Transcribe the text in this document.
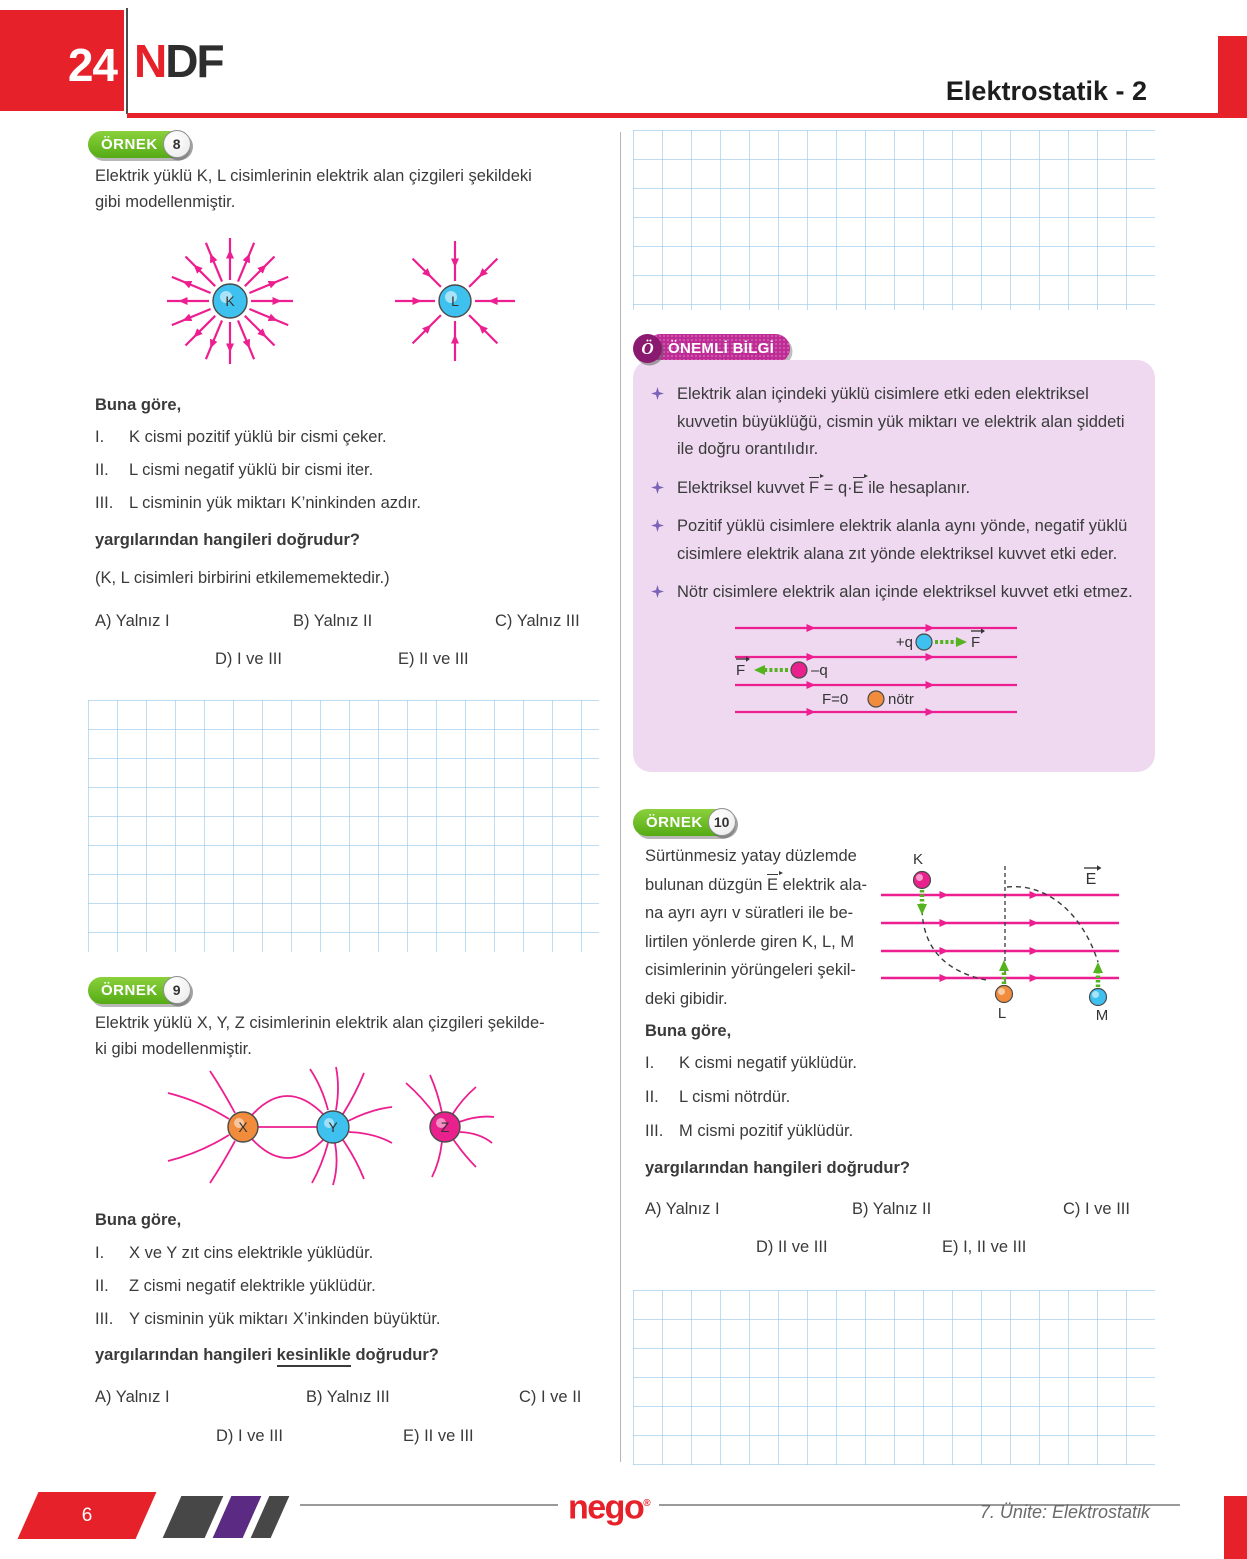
24 NDF
Elektrostatik - 2
ÖRNEK	8
Elektrik yüklü K, L cisimlerinin elektrik alan çizgileri şekildeki
gibi modellenmiştir.
K	L
Buna göre,
I.	K cismi pozitif yüklü bir cismi çeker.
II.	L cismi negatif yüklü bir cismi iter.
III. L cisminin yük miktarı K’ninkinden azdır.
yargılarından hangileri doğrudur?
(K, L cisimleri birbirini etkilememektedir.)
A) Yalnız I	B) Yalnız II	C) Yalnız III
D) I ve III	E) II ve III
ÖRNEK	9
Elektrik yüklü X, Y, Z cisimlerinin elektrik alan çizgileri şekilde-
ki gibi modellenmiştir.
X	Y	Z
Buna göre,
I.	X ve Y zıt cins elektrikle yüklüdür.
II.	Z cismi negatif elektrikle yüklüdür.
III. Y cisminin yük miktarı X’inkinden büyüktür.
yargılarından hangileri kesinlikle doğrudur?
A) Yalnız I	B) Yalnız III	C) I ve II
D) I ve III	E) II ve III
Ö ÖNEMLİ BİLGİ
Elektrik alan içindeki yüklü cisimlere etki eden elektriksel kuvvetin büyüklüğü, cismin yük miktarı ve elektrik alan şiddeti ile doğru orantılıdır.
Elektriksel kuvvet F = q·E ile hesaplanır.
Pozitif yüklü cisimlere elektrik alanla aynı yönde, negatif yüklü cisimlere elektrik alana zıt yönde elektriksel kuvvet etki eder.
Nötr cisimlere elektrik alan içinde elektriksel kuvvet etki etmez.
+q	F
F	–q
F=0	nötr
ÖRNEK 10
Sürtünmesiz yatay düzlemde
bulunan düzgün E elektrik ala-
na ayrı ayrı v süratleri ile be-
lirtilen yönlerde giren K, L, M
cisimlerinin yörüngeleri şekil-
deki gibidir.
E
K
L	M
Buna göre,
I.	K cismi negatif yüklüdür.
II.	L cismi nötrdür.
III. M cismi pozitif yüklüdür.
yargılarından hangileri doğrudur?
A) Yalnız I	B) Yalnız II	C) I ve III
D) II ve III	E) I, II ve III
6	nego®	7. Ünite: Elektrostatik
